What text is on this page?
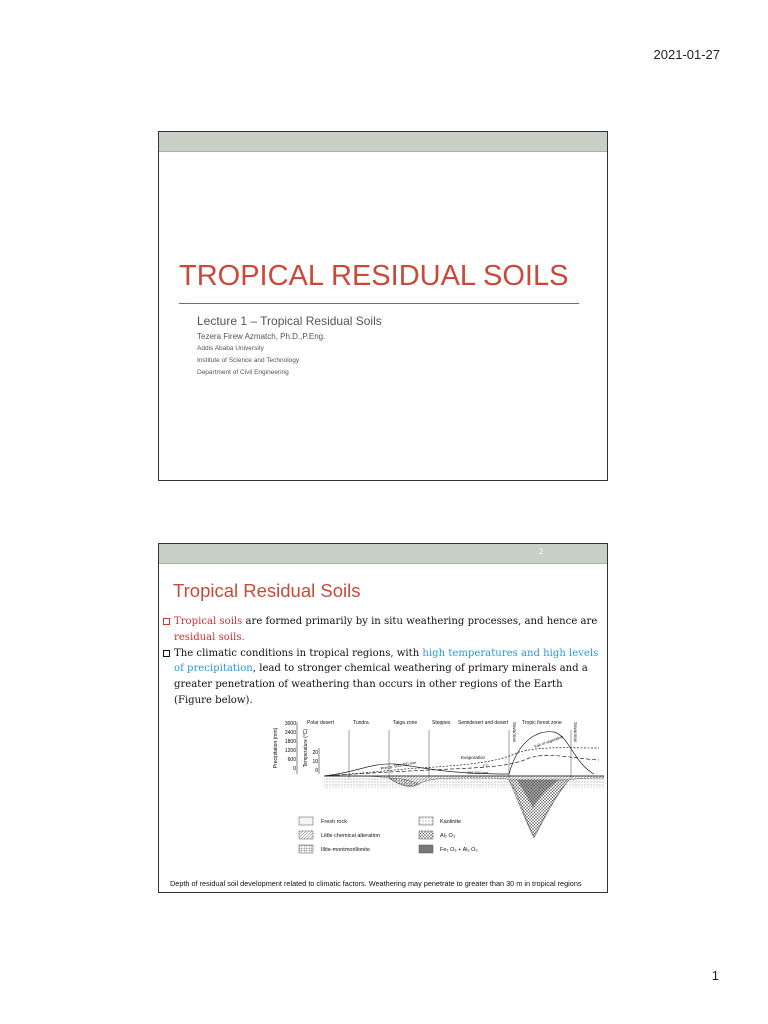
2021-01-27
TROPICAL RESIDUAL SOILS
Lecture 1 – Tropical Residual Soils
Tezera Firew Azmatch, Ph.D.,P.Eng.
Addis Ababa University
Institute of Science and Technology
Department of Civil Engineering
2
Tropical Residual Soils
Tropical soils are formed primarily by in situ weathering processes, and hence are residual soils.
The climatic conditions in tropical regions, with high temperatures and high levels of precipitation, lead to stronger chemical weathering of primary minerals and a greater penetration of weathering than occurs in other regions of the Earth (Figure below).
Precipitation (mm)
3000
2400
1800
1200
600
0
Temperature (°C) 20
10
0
Polar desert	Tundra	Taiga zone	Steppes Semidesert and desert Savannas Tropic forest zone Savannas
Evaporation
Fall of vegetation
t°C
Precip. 500-700 mm
100-200 mm
Fresh rock
Little chemical alteration
Illite-montmorillonite
Kaolinite
Al₂ O₃
Fe₂ O₃ + Al₂ O₃
Depth of residual soil development related to climatic factors. Weathering may penetrate to greater than 30 m in tropical regions
1
